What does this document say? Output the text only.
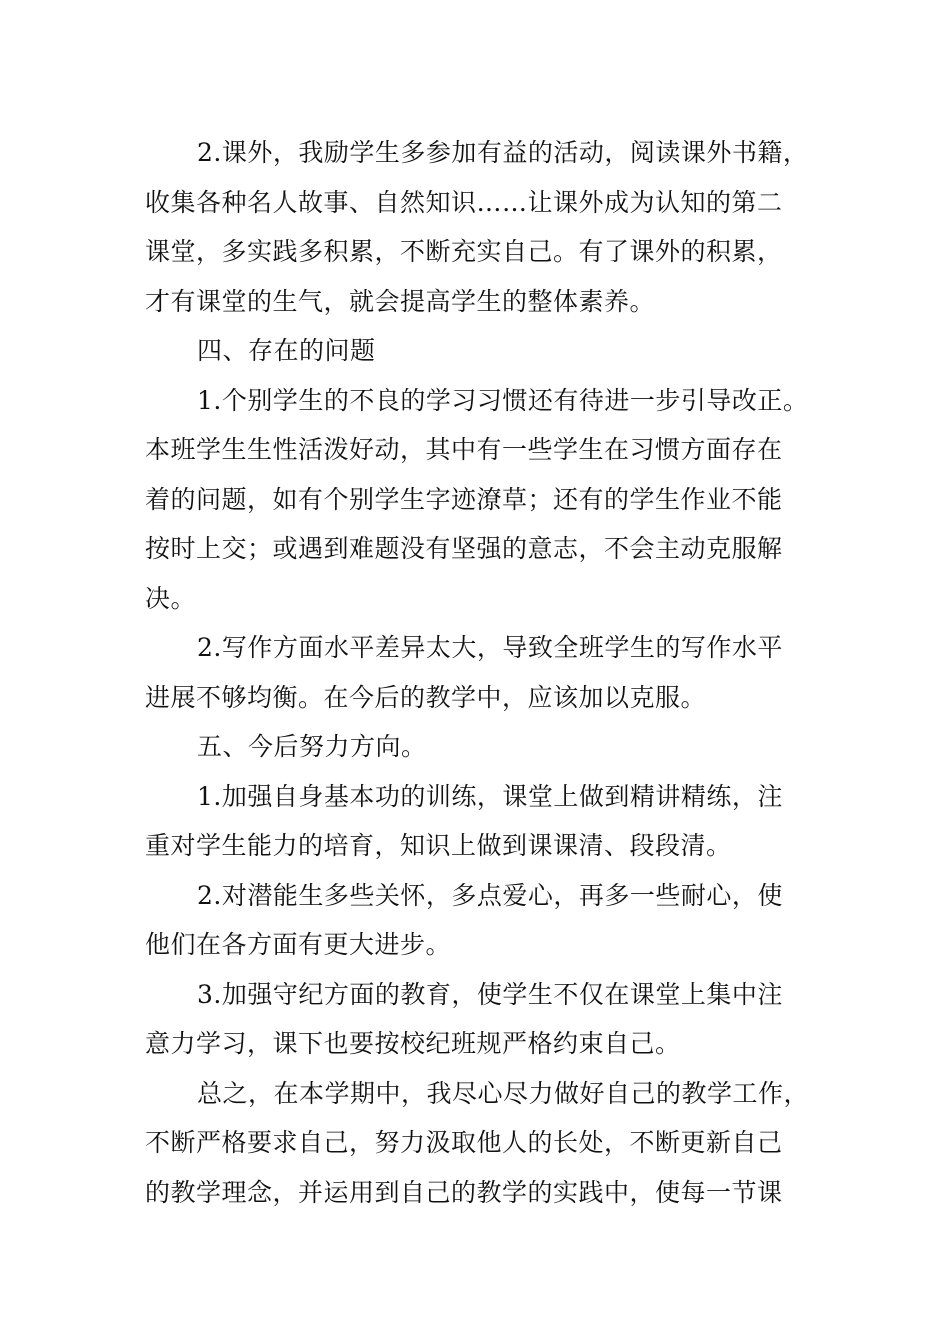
2.课外，我励学生多参加有益的活动，阅读课外书籍，
收集各种名人故事、自然知识……让课外成为认知的第二
课堂，多实践多积累，不断充实自己。有了课外的积累，
才有课堂的生气，就会提高学生的整体素养。

四、存在的问题

1.个别学生的不良的学习习惯还有待进一步引导改正。
本班学生生性活泼好动，其中有一些学生在习惯方面存在
着的问题，如有个别学生字迹潦草；还有的学生作业不能
按时上交；或遇到难题没有坚强的意志，不会主动克服解
决。

2.写作方面水平差异太大，导致全班学生的写作水平
进展不够均衡。在今后的教学中，应该加以克服。

五、今后努力方向。

1.加强自身基本功的训练，课堂上做到精讲精练，注
重对学生能力的培育，知识上做到课课清、段段清。

2.对潜能生多些关怀，多点爱心，再多一些耐心，使
他们在各方面有更大进步。

3.加强守纪方面的教育，使学生不仅在课堂上集中注
意力学习，课下也要按校纪班规严格约束自己。

总之，在本学期中，我尽心尽力做好自己的教学工作，
不断严格要求自己，努力汲取他人的长处，不断更新自己
的教学理念，并运用到自己的教学的实践中，使每一节课
